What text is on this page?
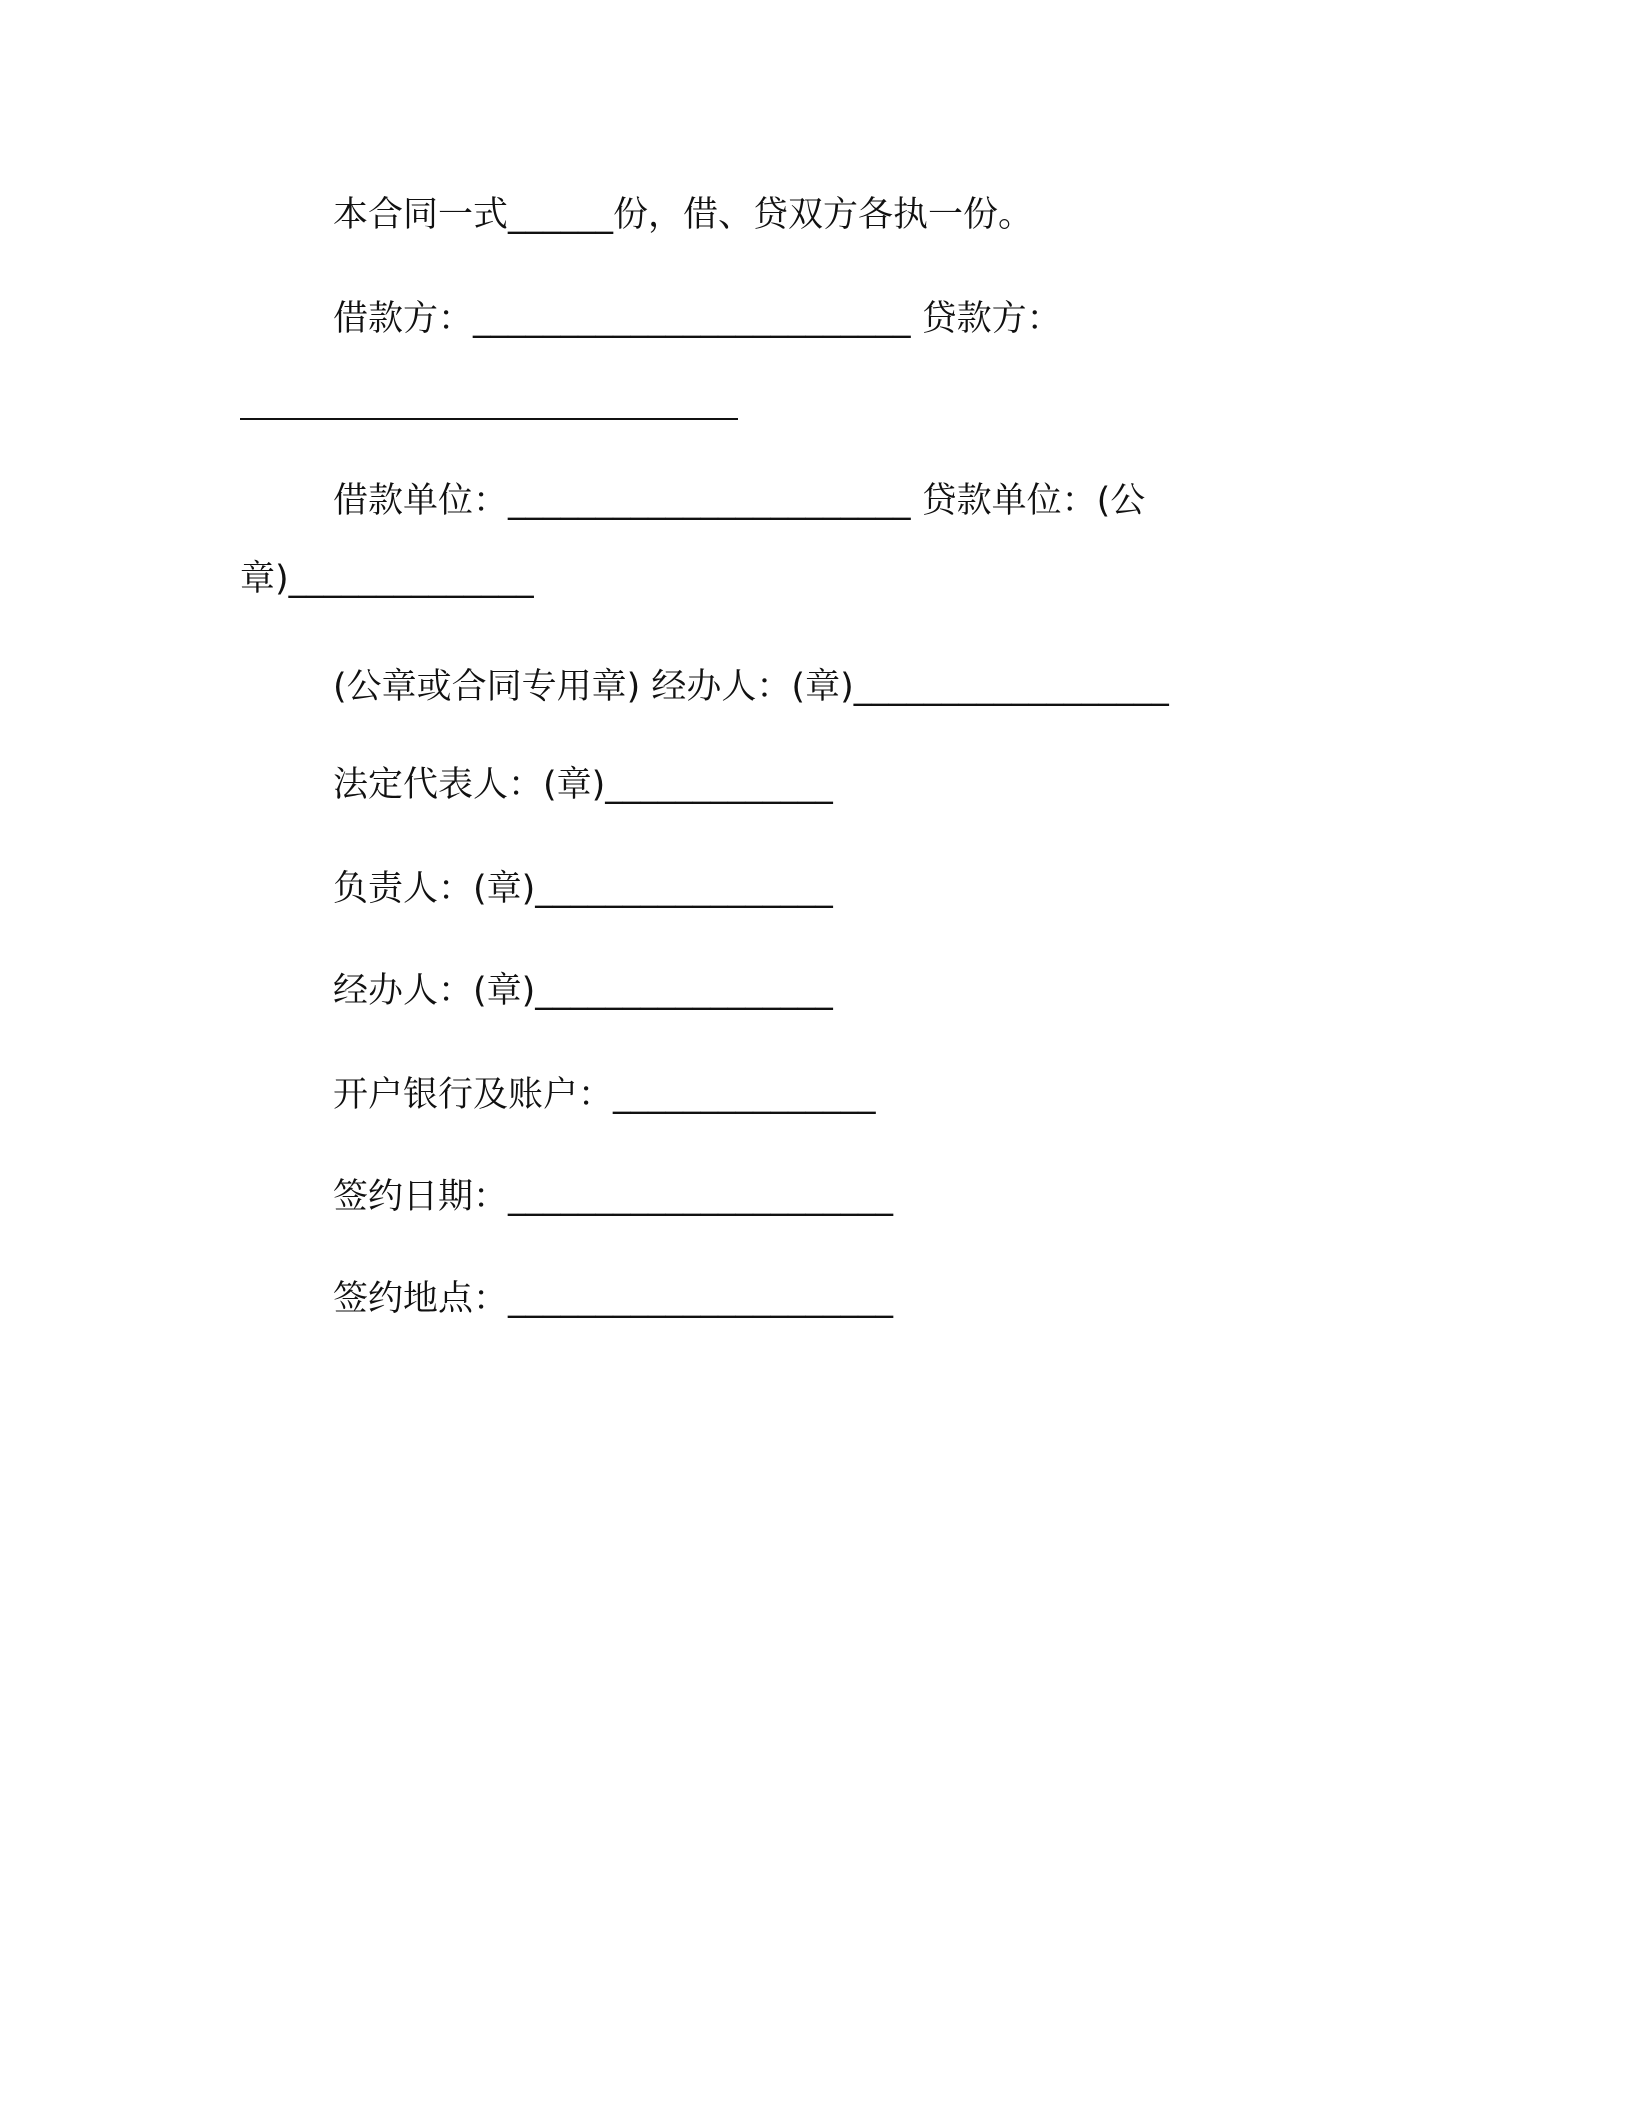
本合同一式______份，借、贷双方各执一份。
借款方：_________________________ 贷款方：
借款单位：_______________________ 贷款单位：(公
章)______________
(公章或合同专用章) 经办人：(章)__________________
法定代表人：(章)_____________
负责人：(章)_________________
经办人：(章)_________________
开户银行及账户：_______________
签约日期：______________________
签约地点：______________________
